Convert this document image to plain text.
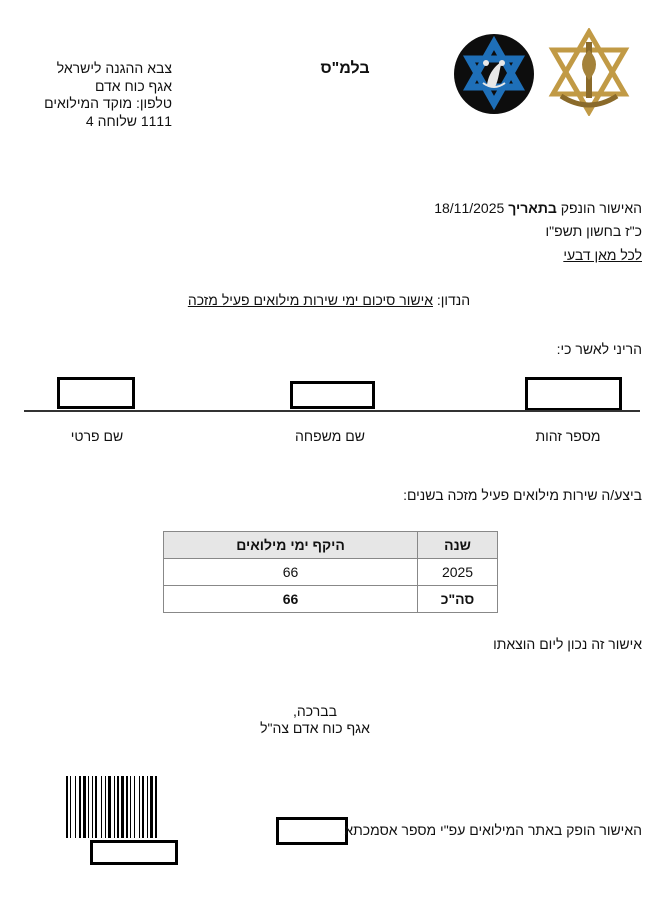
צבא ההגנה לישראל
אגף כוח אדם
טלפון: מוקד המילואים
1111 שלוחה 4
בלמ"ס
האישור הונפק בתאריך 18/11/2025
כ"ז בחשון תשפ"ו
לכל מאן דבעי
הנדון: אישור סיכום ימי שירות מילואים פעיל מזכה
הריני לאשר כי:
שם פרטי	שם משפחה	מספר זהות
ביצע/ה שירות מילואים פעיל מזכה בשנים:
שנה	היקף ימי מילואים
2025	66
סה"כ	66
אישור זה נכון ליום הוצאתו
בברכה,
אגף כוח אדם צה"ל
האישור הופק באתר המילואים עפ"י מספר אסמכתא
